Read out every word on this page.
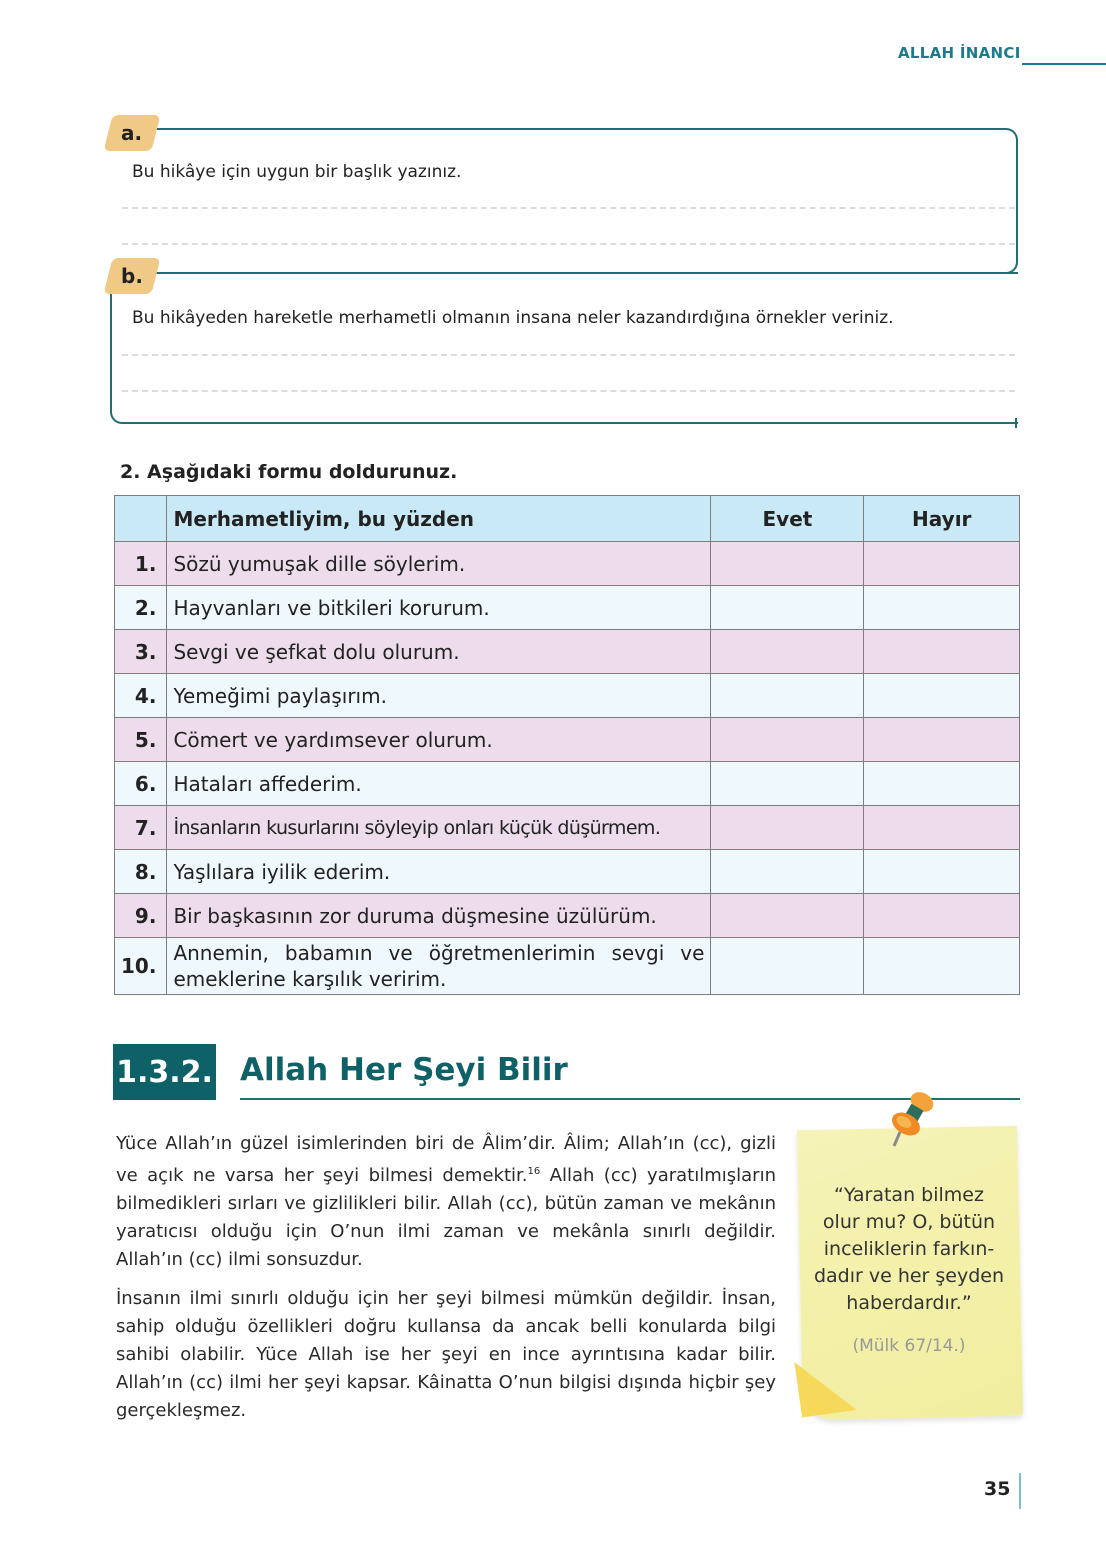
ALLAH İNANCI
a.
Bu hikâye için uygun bir başlık yazınız.
b.
Bu hikâyeden hareketle merhametli olmanın insana neler kazandırdığına örnekler veriniz.
2. Aşağıdaki formu doldurunuz.
	Merhametliyim, bu yüzden	Evet	Hayır
1.	Sözü yumuşak dille söylerim.		
2.	Hayvanları ve bitkileri korurum.		
3.	Sevgi ve şefkat dolu olurum.		
4.	Yemeğimi paylaşırım.		
5.	Cömert ve yardımsever olurum.		
6.	Hataları affederim.		
7.	İnsanların kusurlarını söyleyip onları küçük düşürmem.		
8.	Yaşlılara iyilik ederim.		
9.	Bir başkasının zor duruma düşmesine üzülürüm.		
10.	Annemin, babamın ve öğretmenlerimin sevgi ve emeklerine karşılık veririm.		
1.3.2. Allah Her Şeyi Bilir
Yüce Allah’ın güzel isimlerinden biri de Âlim’dir. Âlim; Allah’ın (cc), gizli ve açık ne varsa her şeyi bilmesi demektir.$^{16}$ Allah (cc) yaratılmışların bilmedikleri sırları ve gizlilikleri bilir. Allah (cc), bütün zaman ve mekânın yaratıcısı olduğu için O’nun ilmi zaman ve mekânla sınırlı değildir. Allah’ın (cc) ilmi sonsuzdur.
İnsanın ilmi sınırlı olduğu için her şeyi bilmesi mümkün değildir. İnsan, sahip olduğu özellikleri doğru kullansa da ancak belli konularda bilgi sahibi olabilir. Yüce Allah ise her şeyi en ince ayrıntısına kadar bilir. Allah’ın (cc) ilmi her şeyi kapsar. Kâinatta O’nun bilgisi dışında hiçbir şey gerçekleşmez.
“Yaratan bilmez
olur mu? O, bütün
inceliklerin farkın-
dadır ve her şeyden
haberdardır.”
(Mülk 67/14.)
35
